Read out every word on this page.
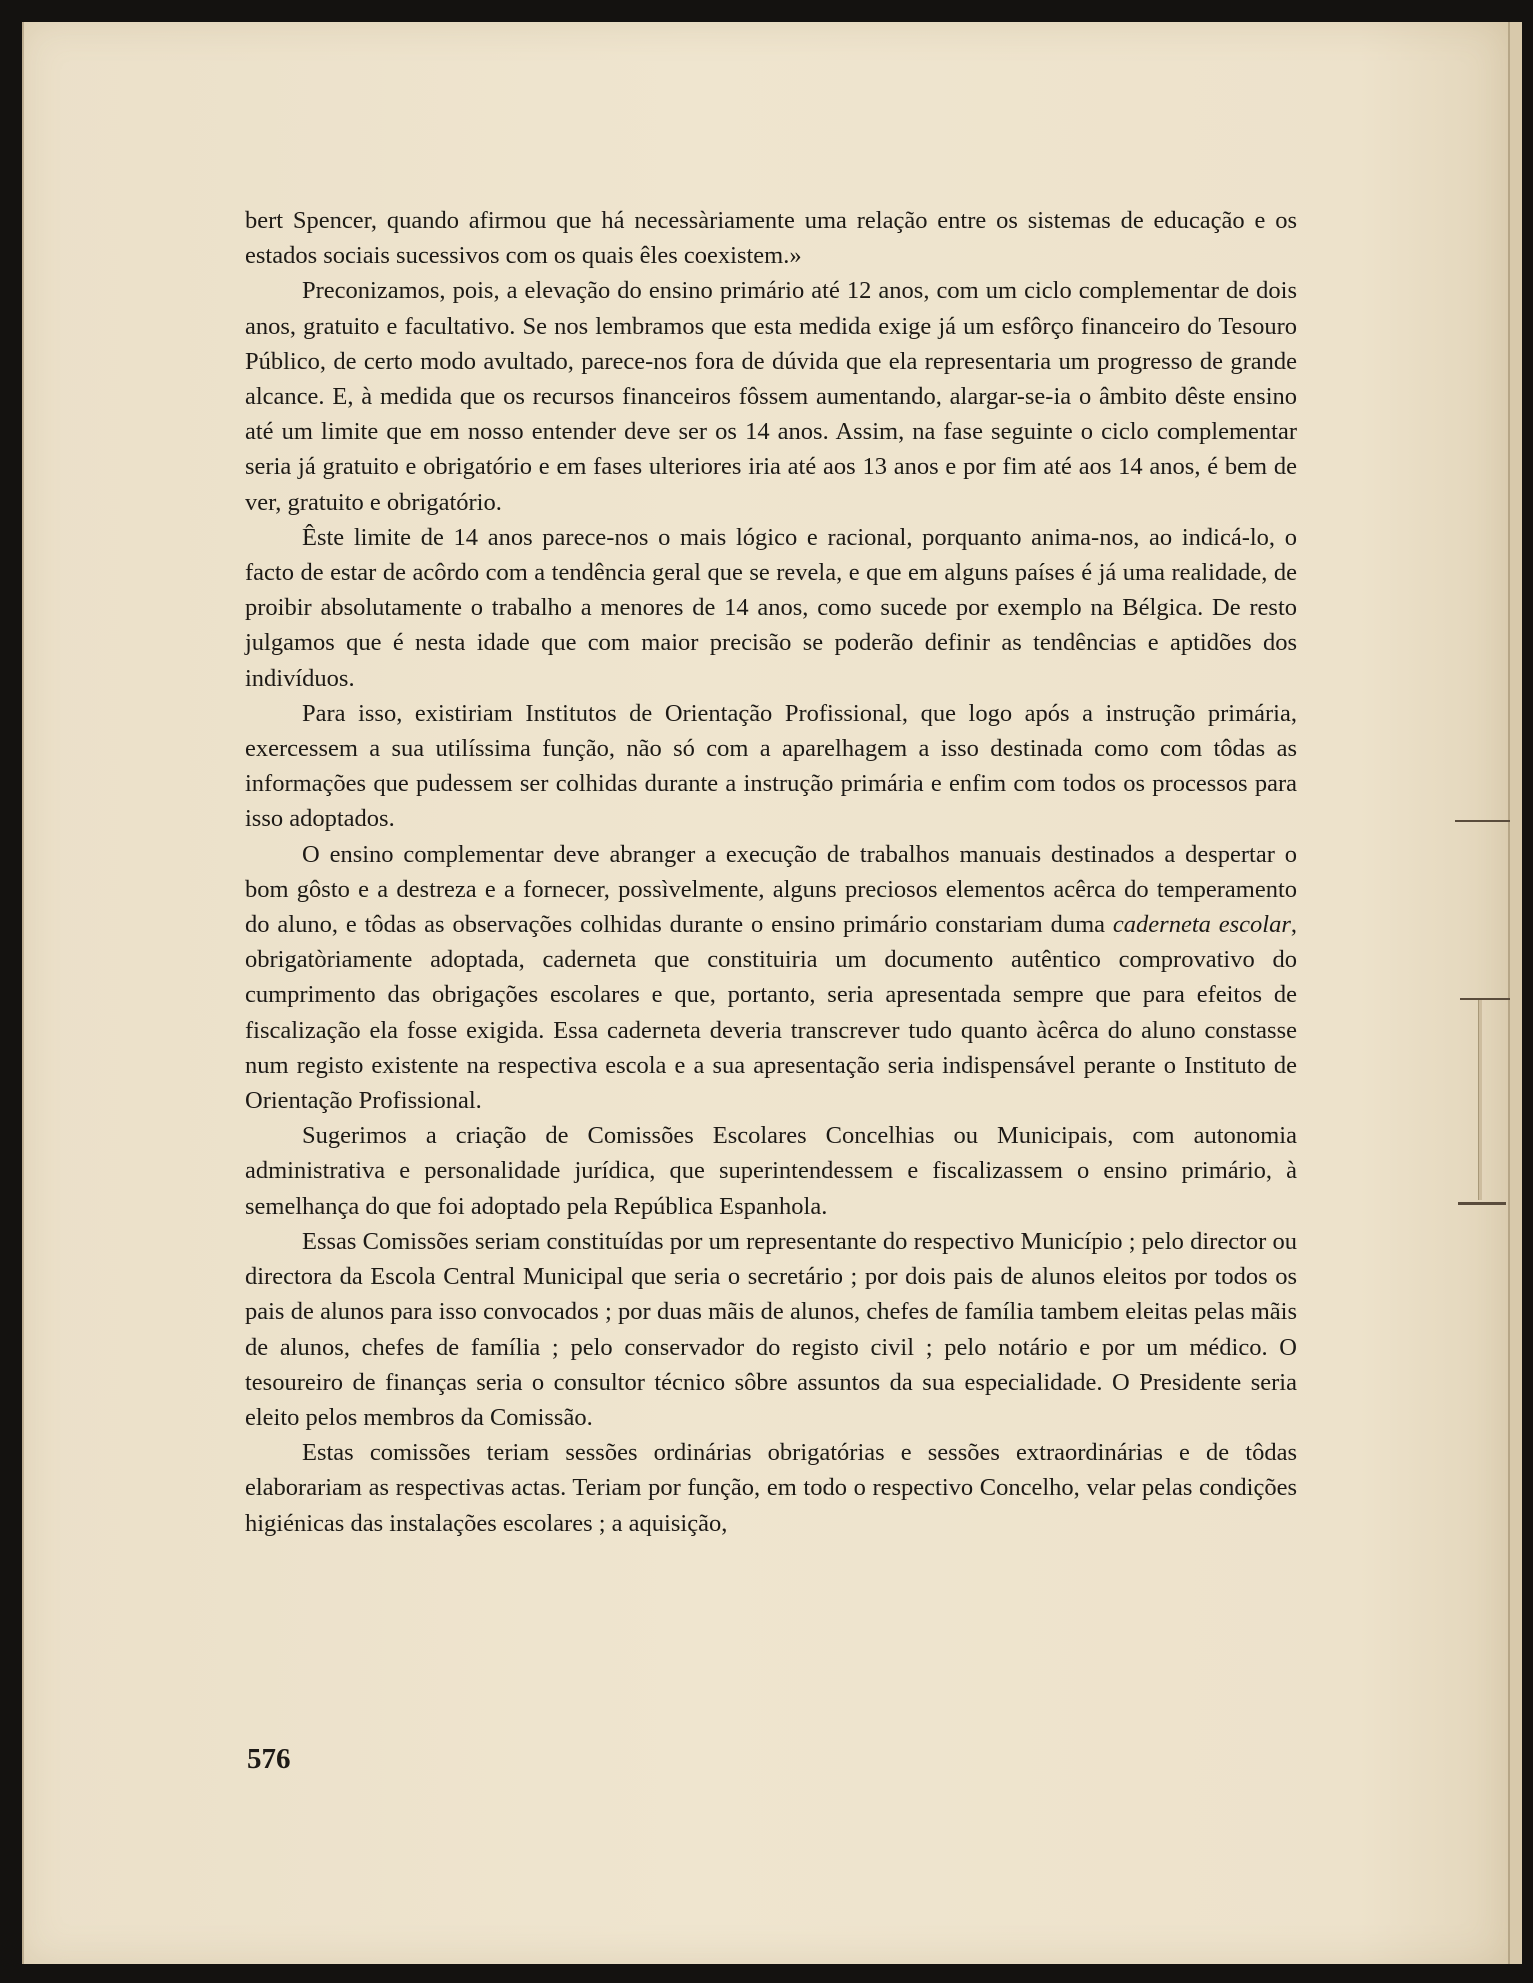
bert Spencer, quando afirmou que há necessàriamente uma relação entre os sistemas de educação e os estados sociais sucessivos com os quais êles coexistem.»

Preconizamos, pois, a elevação do ensino primário até 12 anos, com um ciclo complementar de dois anos, gratuito e facultativo. Se nos lembramos que esta medida exige já um esfôrço financeiro do Tesouro Público, de certo modo avultado, parece-nos fora de dúvida que ela representaria um progresso de grande alcance. E, à medida que os recursos financeiros fôssem aumentando, alargar-se-ia o âmbito dêste ensino até um limite que em nosso entender deve ser os 14 anos. Assim, na fase seguinte o ciclo complementar seria já gratuito e obrigatório e em fases ulteriores iria até aos 13 anos e por fim até aos 14 anos, é bem de ver, gratuito e obrigatório.

Êste limite de 14 anos parece-nos o mais lógico e racional, porquanto anima-nos, ao indicá-lo, o facto de estar de acôrdo com a tendência geral que se revela, e que em alguns países é já uma realidade, de proibir absolutamente o trabalho a menores de 14 anos, como sucede por exemplo na Bélgica. De resto julgamos que é nesta idade que com maior precisão se poderão definir as tendências e aptidões dos indivíduos.

Para isso, existiriam Institutos de Orientação Profissional, que logo após a instrução primária, exercessem a sua utilíssima função, não só com a aparelhagem a isso destinada como com tôdas as informações que pudessem ser colhidas durante a instrução primária e enfim com todos os processos para isso adoptados.

O ensino complementar deve abranger a execução de trabalhos manuais destinados a despertar o bom gôsto e a destreza e a fornecer, possìvelmente, alguns preciosos elementos acêrca do temperamento do aluno, e tôdas as observações colhidas durante o ensino primário constariam duma caderneta escolar, obrigatòriamente adoptada, caderneta que constituiria um documento autêntico comprovativo do cumprimento das obrigações escolares e que, portanto, seria apresentada sempre que para efeitos de fiscalização ela fosse exigida. Essa caderneta deveria transcrever tudo quanto àcêrca do aluno constasse num registo existente na respectiva escola e a sua apresentação seria indispensável perante o Instituto de Orientação Profissional.

Sugerimos a criação de Comissões Escolares Concelhias ou Municipais, com autonomia administrativa e personalidade jurídica, que superintendessem e fiscalizassem o ensino primário, à semelhança do que foi adoptado pela República Espanhola.

Essas Comissões seriam constituídas por um representante do respectivo Município ; pelo director ou directora da Escola Central Municipal que seria o secretário ; por dois pais de alunos eleitos por todos os pais de alunos para isso convocados ; por duas mãis de alunos, chefes de família tambem eleitas pelas mãis de alunos, chefes de família ; pelo conservador do registo civil ; pelo notário e por um médico. O tesoureiro de finanças seria o consultor técnico sôbre assuntos da sua especialidade. O Presidente seria eleito pelos membros da Comissão.

Estas comissões teriam sessões ordinárias obrigatórias e sessões extraordinárias e de tôdas elaborariam as respectivas actas. Teriam por função, em todo o respectivo Concelho, velar pelas condições higiénicas das instalações escolares ; a aquisição,

576
